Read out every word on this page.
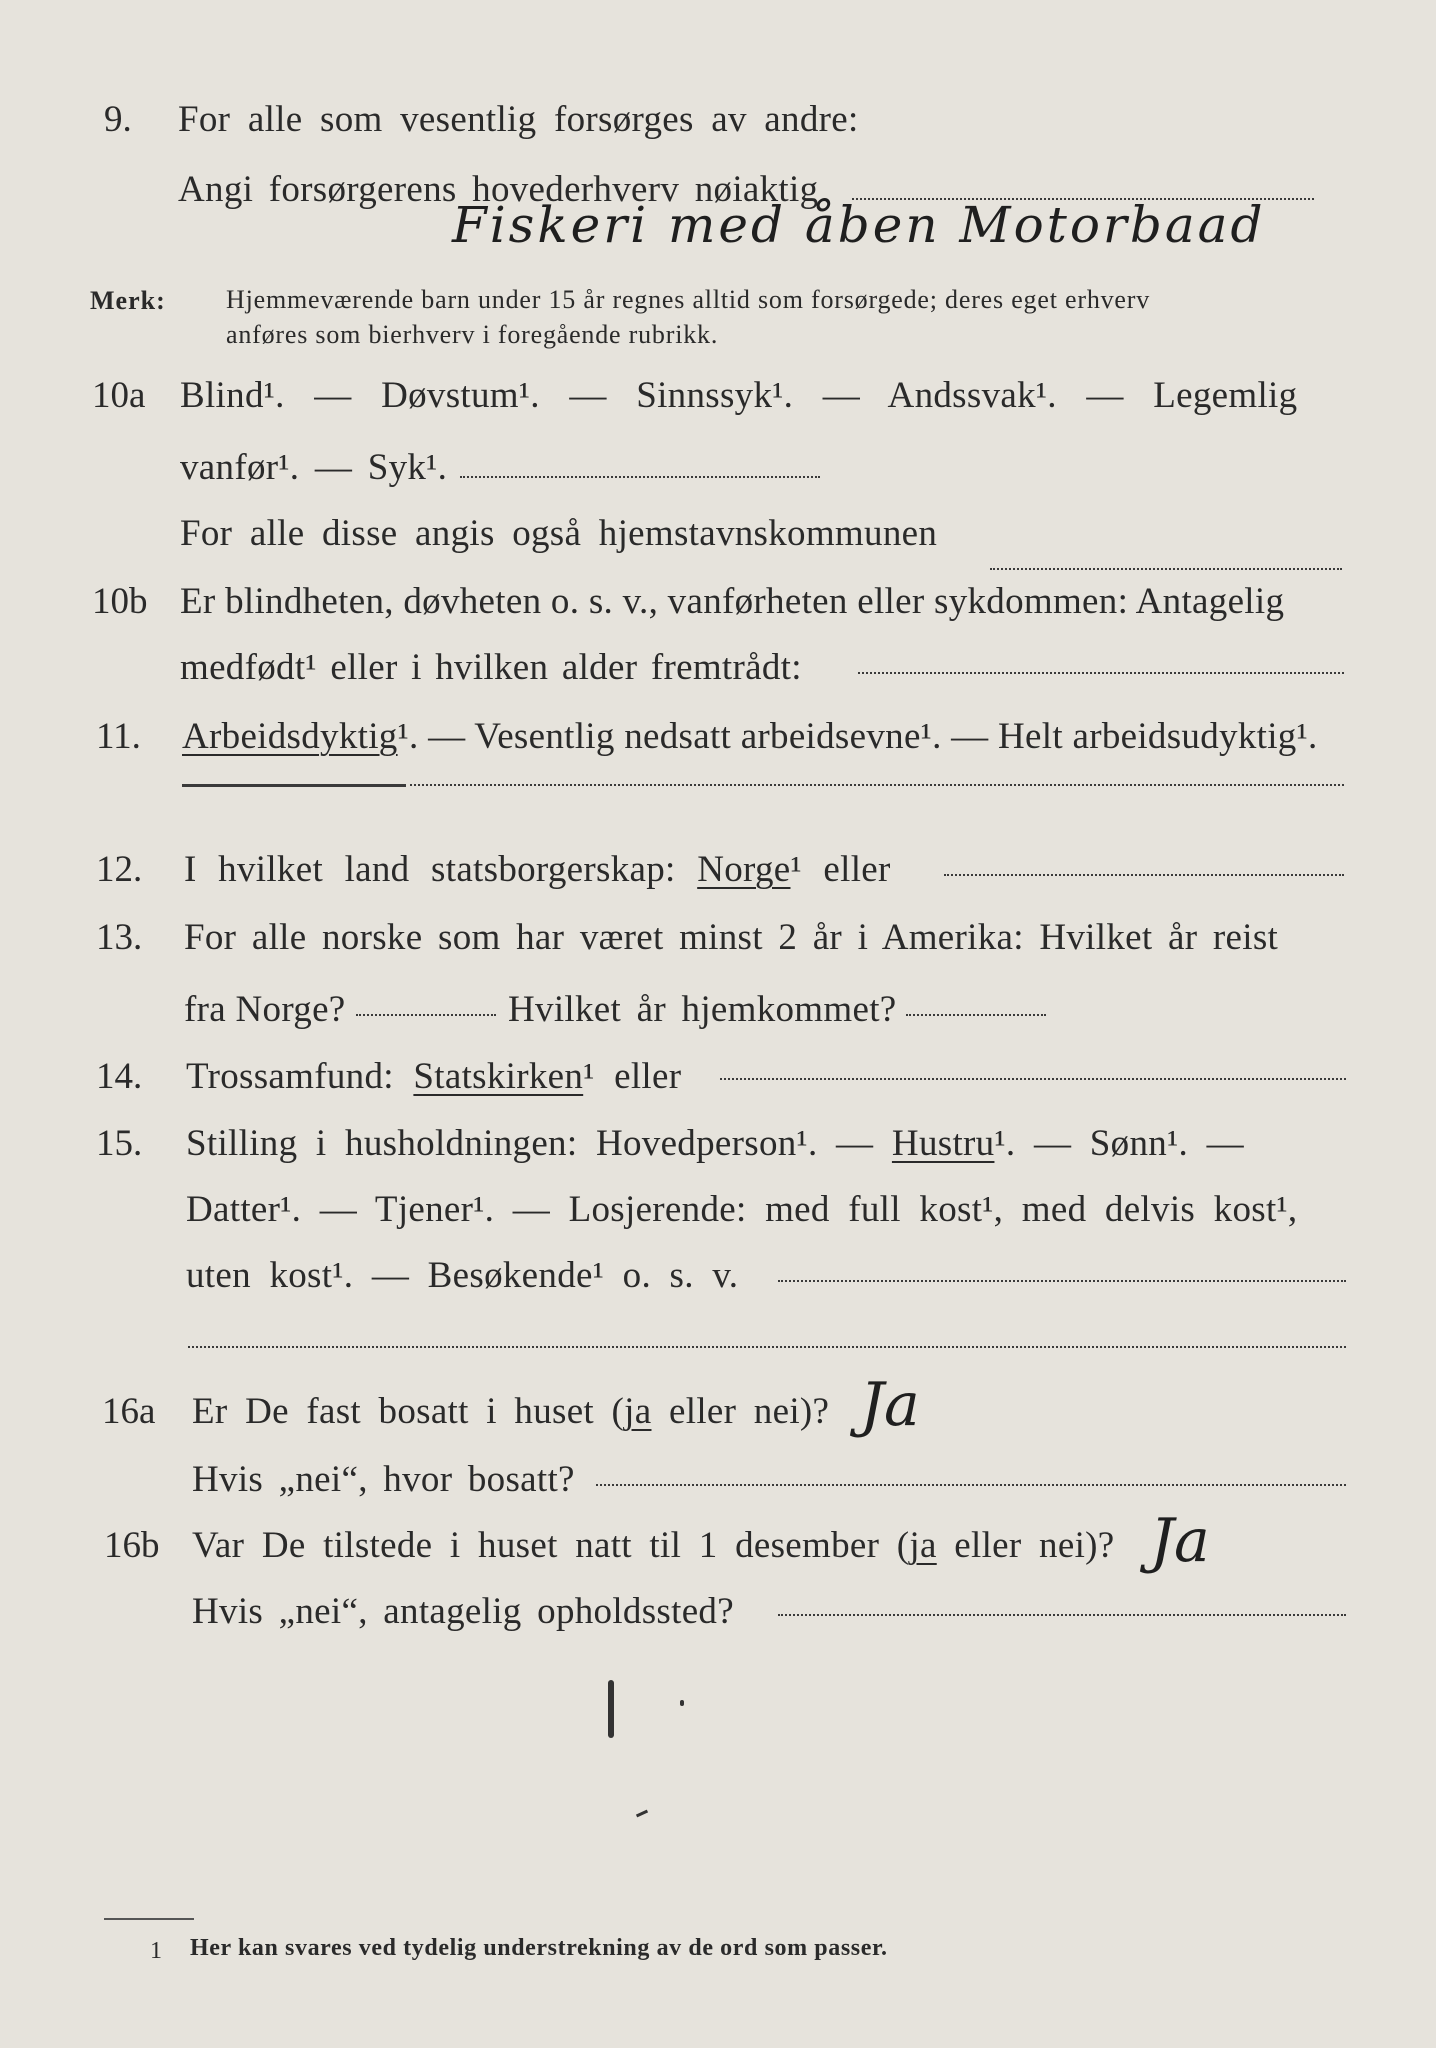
9. For alle som vesentlig forsørges av andre:
Angi forsørgerens hovederhverv nøiaktig
Fiskeri med åben Motorbaad
Merk: Hjemmeværende barn under 15 år regnes alltid som forsørgede; deres eget erhverv
anføres som bierhverv i foregående rubrikk.
10a Blind¹. — Døvstum¹. — Sinnssyk¹. — Andssvak¹. — Legemlig
vanfør¹. — Syk¹.
For alle disse angis også hjemstavnskommunen
10b Er blindheten, døvheten o. s. v., vanførheten eller sykdommen: Antagelig
medfødt¹ eller i hvilken alder fremtrådt:
11. Arbeidsdyktig¹. — Vesentlig nedsatt arbeidsevne¹. — Helt arbeidsudyktig¹.
12. I hvilket land statsborgerskap: Norge¹ eller
13. For alle norske som har været minst 2 år i Amerika: Hvilket år reist
fra Norge?	Hvilket år hjemkommet?
14. Trossamfund: Statskirken¹ eller
15. Stilling i husholdningen: Hovedperson¹. — Hustru¹. — Sønn¹. —
Datter¹. — Tjener¹. — Losjerende: med full kost¹, med delvis kost¹,
uten kost¹. — Besøkende¹ o. s. v.
16a Er De fast bosatt i huset (ja eller nei)? Ja
Hvis „nei“, hvor bosatt?
16b Var De tilstede i huset natt til 1 desember (ja eller nei)? Ja
Hvis „nei“, antagelig opholdssted?
1 Her kan svares ved tydelig understrekning av de ord som passer.
